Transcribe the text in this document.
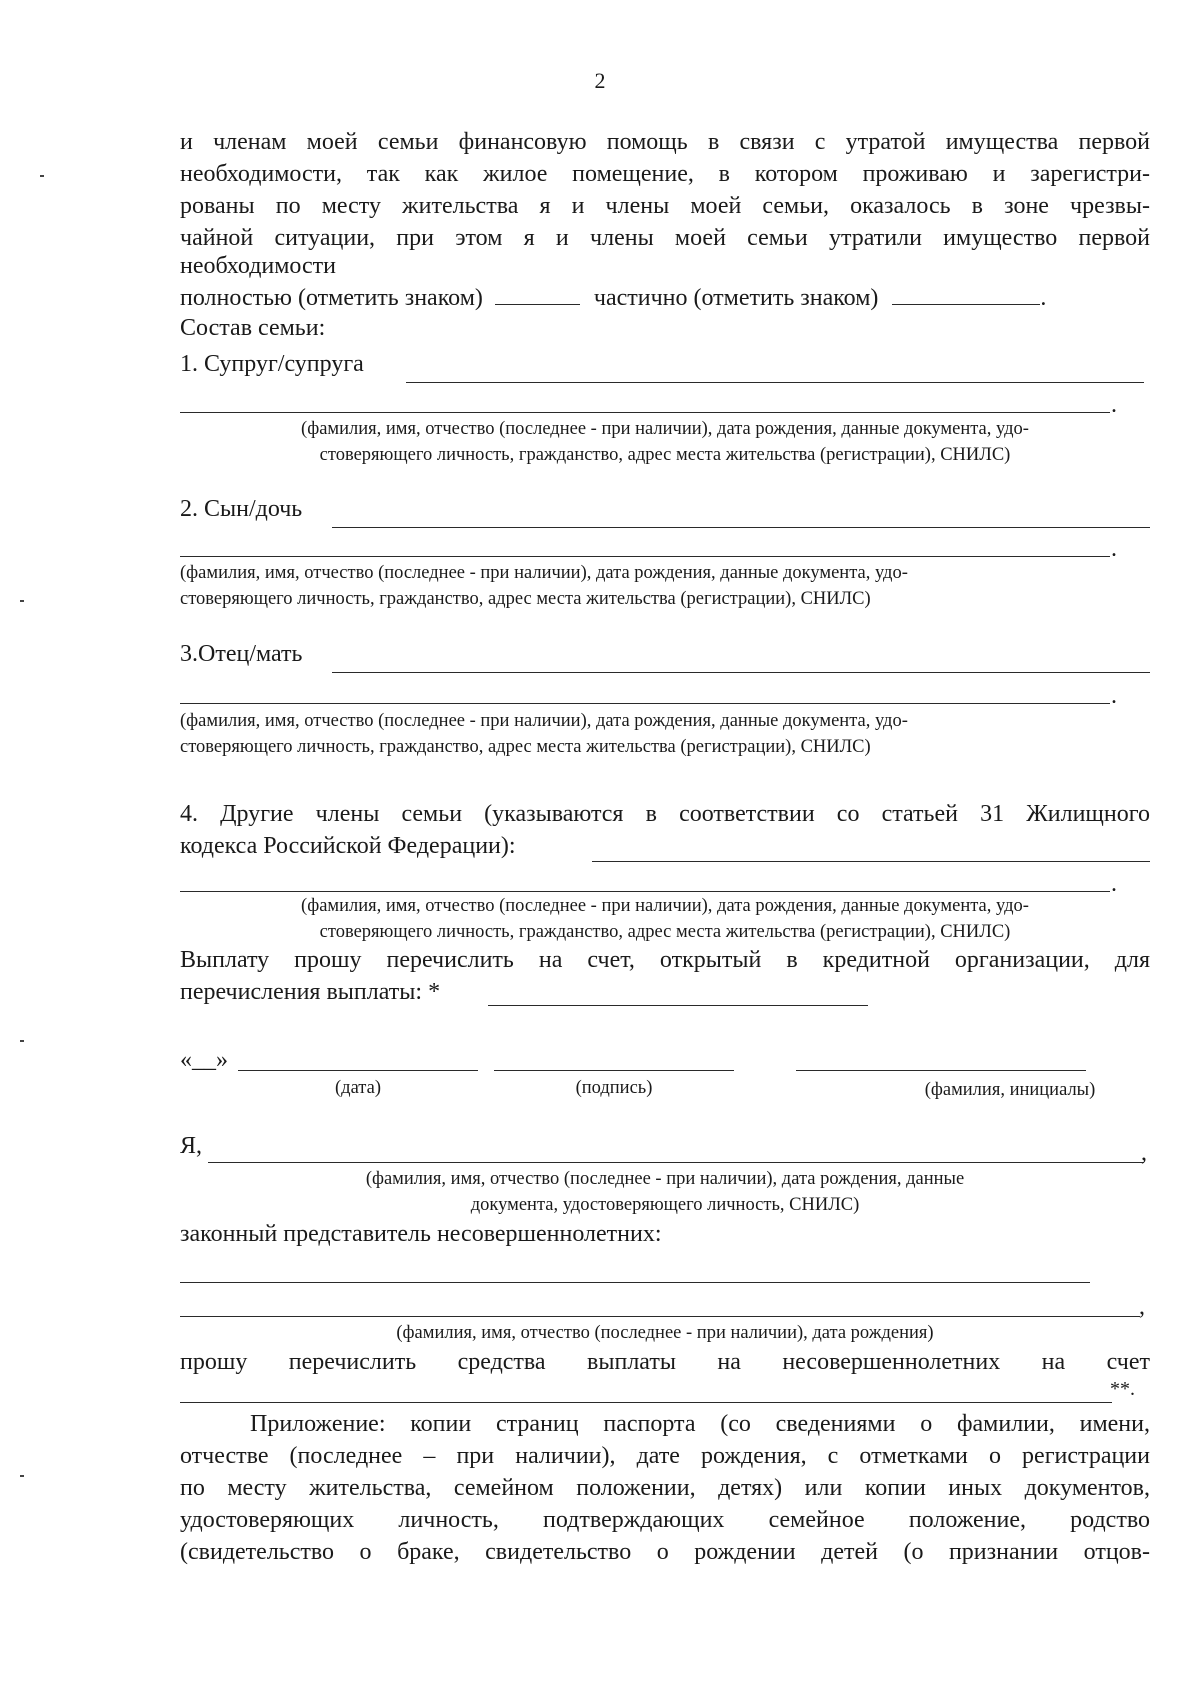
2
и членам моей семьи финансовую помощь в связи с утратой имущества первой
необходимости, так как жилое помещение, в котором проживаю и зарегистри-
рованы по месту жительства я и члены моей семьи, оказалось в зоне чрезвы-
чайной ситуации, при этом я и члены моей семьи утратили имущество первой
необходимости
полностью (отметить знаком)	частично (отметить знаком)	.
Состав семьи:
1. Супруг/супруга
.
(фамилия, имя, отчество (последнее - при наличии), дата рождения, данные документа, удо-
стоверяющего личность, гражданство, адрес места жительства (регистрации), СНИЛС)
2. Сын/дочь
.
(фамилия, имя, отчество (последнее - при наличии), дата рождения, данные документа, удо-
стоверяющего личность, гражданство, адрес места жительства (регистрации), СНИЛС)
3.Отец/мать
.
(фамилия, имя, отчество (последнее - при наличии), дата рождения, данные документа, удо-
стоверяющего личность, гражданство, адрес места жительства (регистрации), СНИЛС)
4. Другие члены семьи (указываются в соответствии со статьей 31 Жилищного
кодекса Российской Федерации):
.
(фамилия, имя, отчество (последнее - при наличии), дата рождения, данные документа, удо-
стоверяющего личность, гражданство, адрес места жительства (регистрации), СНИЛС)
Выплату прошу перечислить на счет, открытый в кредитной организации, для
перечисления выплаты: *
«__»
(дата)	(подпись)	(фамилия, инициалы)
Я,	,
(фамилия, имя, отчество (последнее - при наличии), дата рождения, данные
документа, удостоверяющего личность, СНИЛС)
законный представитель несовершеннолетних:
,
(фамилия, имя, отчество (последнее - при наличии), дата рождения)
прошу перечислить средства выплаты на несовершеннолетних на счет
**.
Приложение: копии страниц паспорта (со сведениями о фамилии, имени,
отчестве (последнее – при наличии), дате рождения, с отметками о регистрации
по месту жительства, семейном положении, детях) или копии иных документов,
удостоверяющих личность, подтверждающих семейное положение, родство
(свидетельство о браке, свидетельство о рождении детей (о признании отцов-
